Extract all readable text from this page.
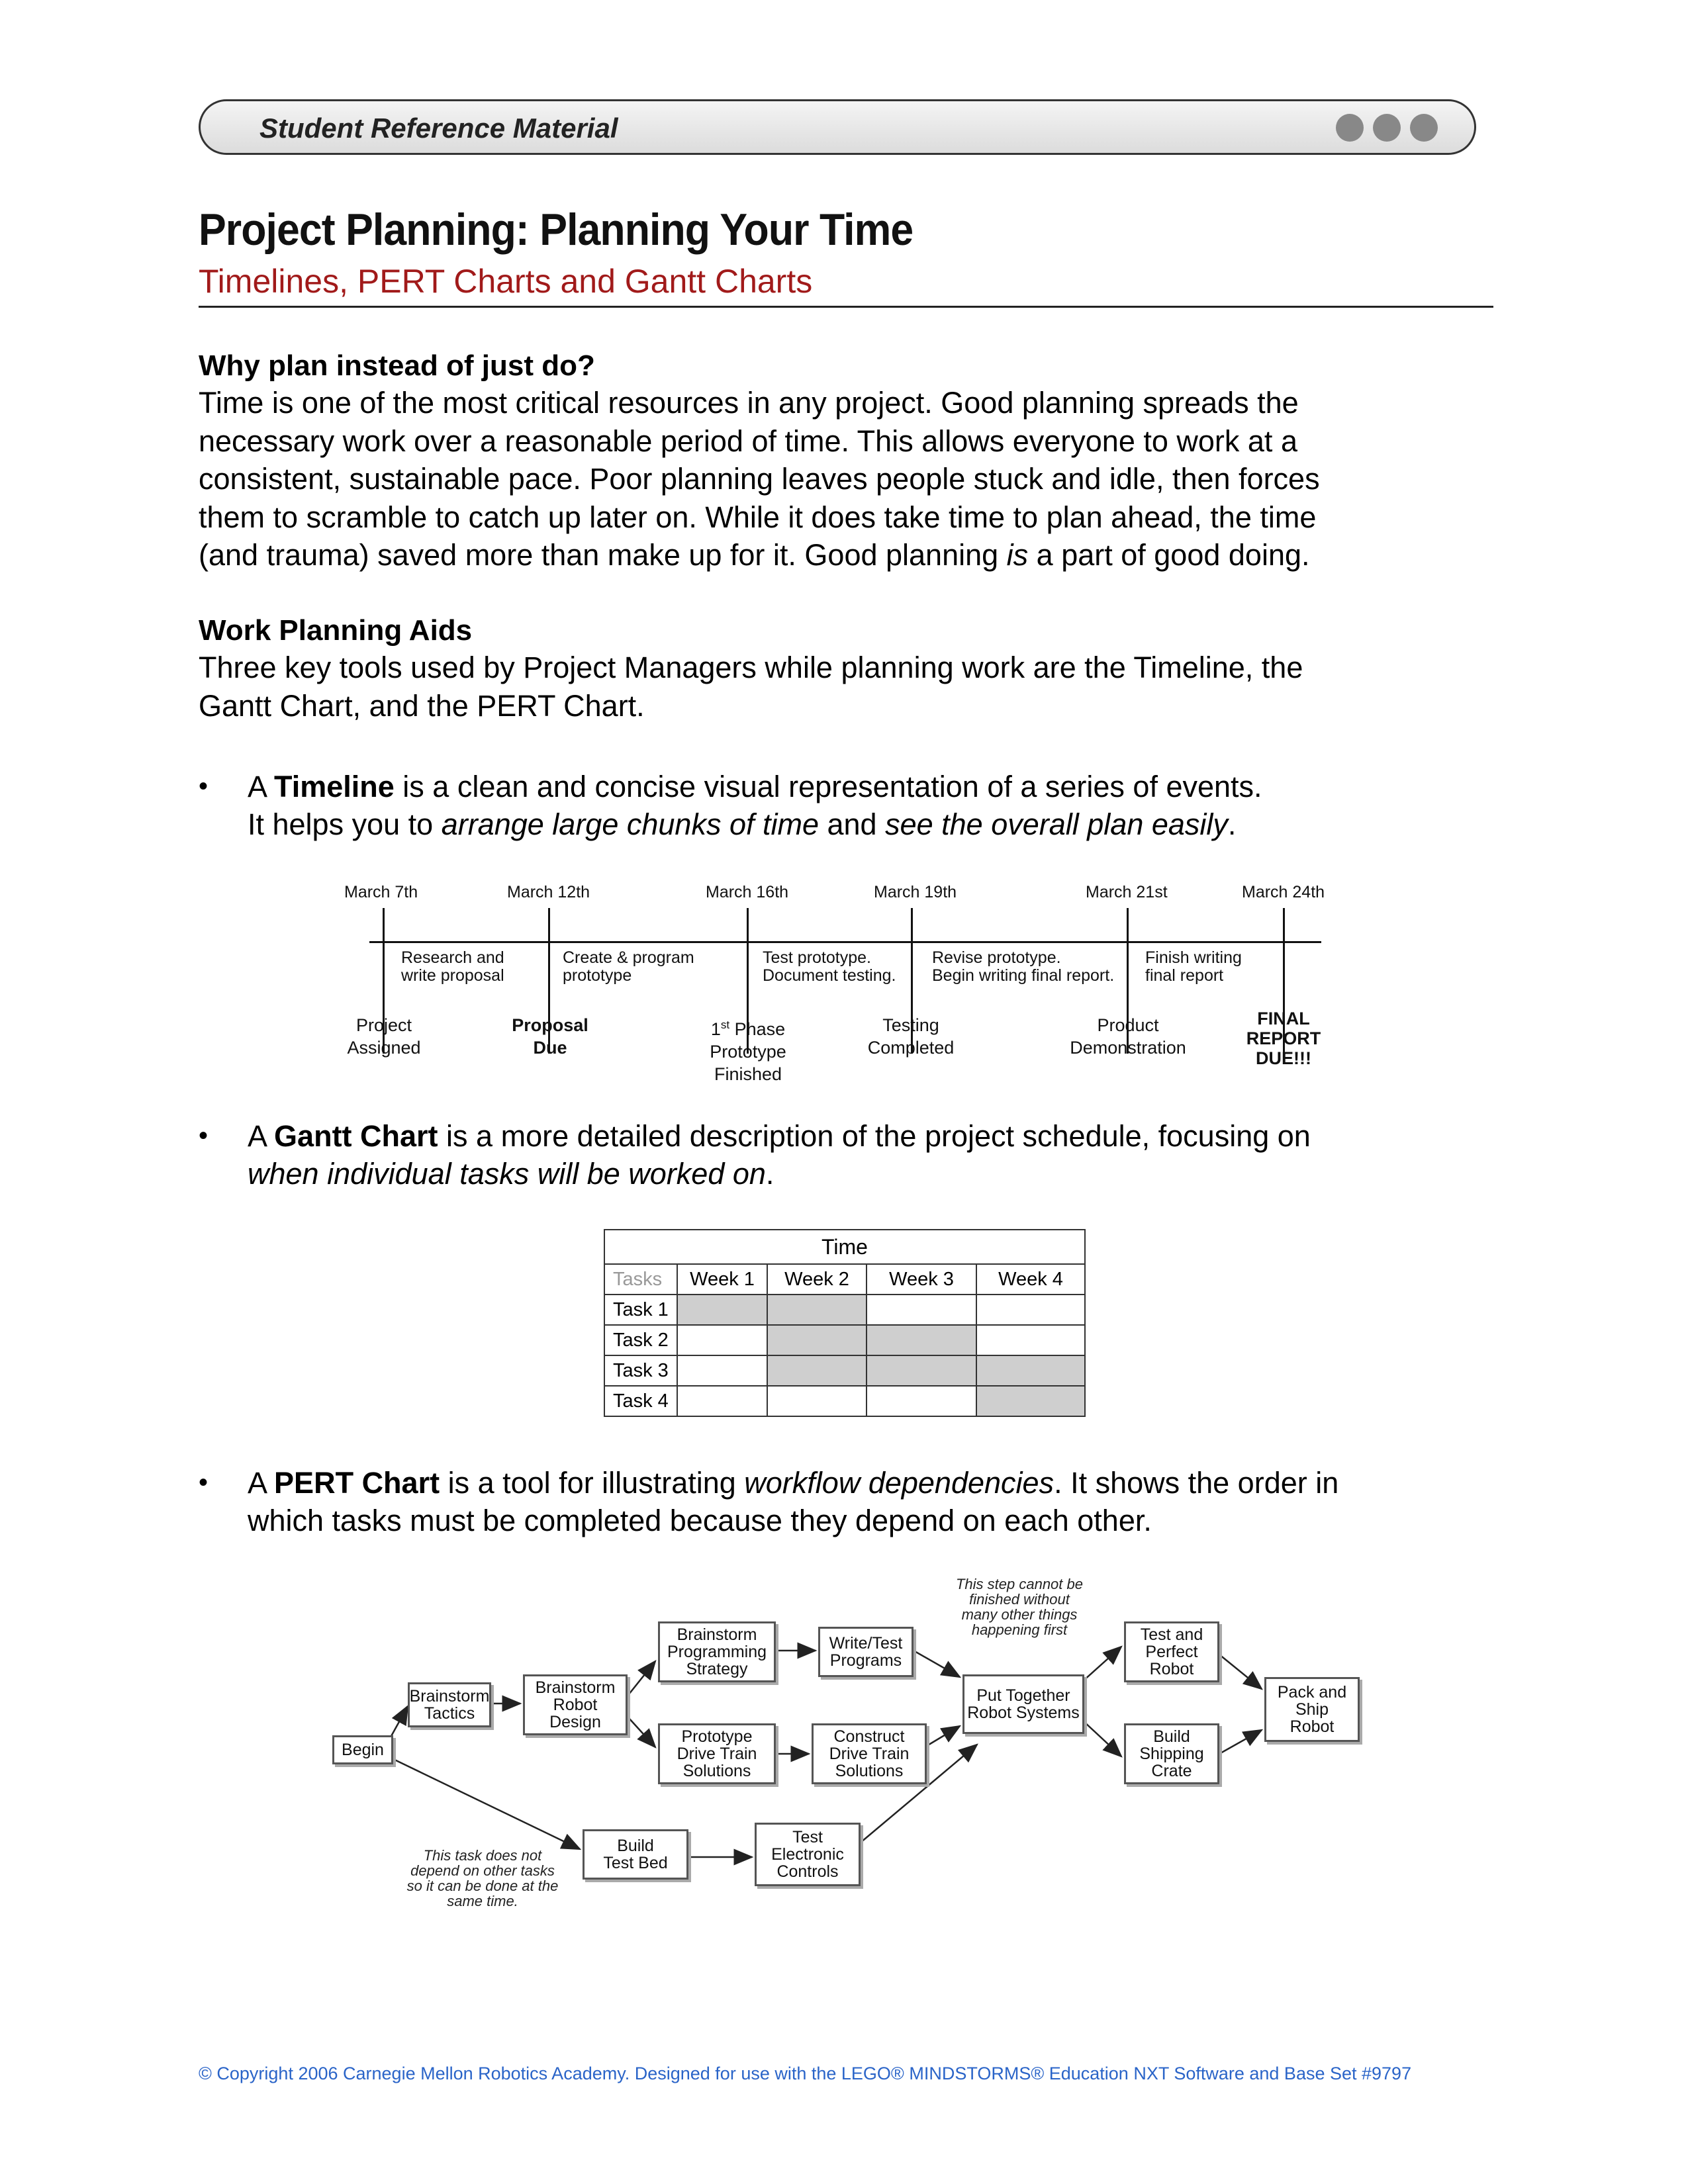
Student Reference Material
Project Planning: Planning Your Time
Timelines, PERT Charts and Gantt Charts
Why plan instead of just do?

Time is one of the most critical resources in any project. Good planning spreads the

necessary work over a reasonable period of time. This allows everyone to work at a

consistent, sustainable pace. Poor planning leaves people stuck and idle, then forces

them to scramble to catch up later on. While it does take time to plan ahead, the time

(and trauma) saved more than make up for it. Good planning is a part of good doing.

Work Planning Aids

Three key tools used by Project Managers while planning work are the Timeline, the

Gantt Chart, and the PERT Chart.

• A Timeline is a clean and concise visual representation of a series of events.
It helps you to arrange large chunks of time and see the overall plan easily.
March 7th	March 12th	March 16th	March 19th	March 21st	March 24th
Research and
write proposal
Create & program
prototype
Test prototype.
Document testing.
Revise prototype.
Begin writing final report.
Finish writing
final report
Project
Assigned
Proposal
Due
1st Phase
Prototype
Finished
Testing
Completed
Product
Demonstration
FINAL
REPORT
DUE!!!
• A Gantt Chart is a more detailed description of the project schedule, focusing on
when individual tasks will be worked on.
Time				
Tasks	Week 1	Week 2	Week 3	Week 4
Task 1				
Task 2				
Task 3				
Task 4				
• A PERT Chart is a tool for illustrating workflow dependencies. It shows the order in
which tasks must be completed because they depend on each other.
Begin
Brainstorm
Tactics
Brainstorm
Robot
Design
Brainstorm
Programming
Strategy
Write/Test
Programs
Prototype
Drive Train
Solutions
Construct
Drive Train
Solutions
Put Together
Robot Systems
Test and
Perfect
Robot
Build
Shipping
Crate
Pack and
Ship
Robot
Build
Test Bed
Test
Electronic
Controls
This step cannot be
finished without
many other things
happening first
This task does not
depend on other tasks
so it can be done at the
same time.
© Copyright 2006 Carnegie Mellon Robotics Academy. Designed for use with the LEGO® MINDSTORMS® Education NXT Software and Base Set #9797
